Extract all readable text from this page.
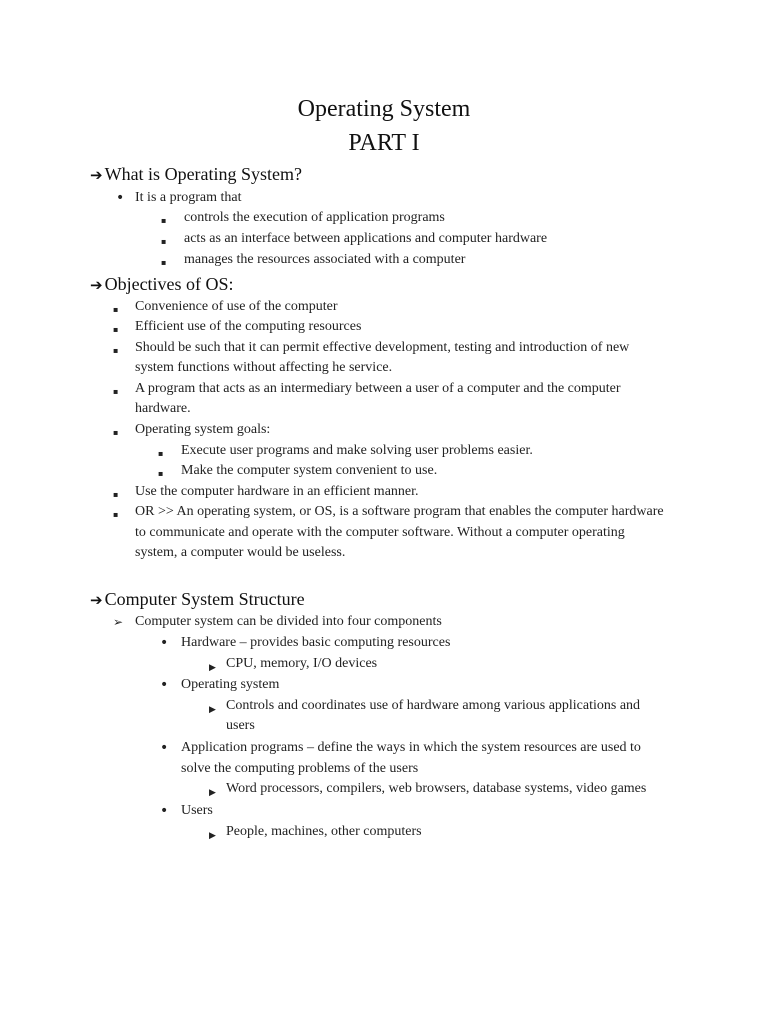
Operating System
PART I
➔ What is Operating System?
• It is a program that
▪ controls the execution of application programs
▪ acts as an interface between applications and computer hardware
▪ manages the resources associated with a computer
➔ Objectives of OS:
▪ Convenience of use of the computer
▪ Efficient use of the computing resources
▪ Should be such that it can permit effective development, testing and introduction of new
system functions without affecting he service.
▪ A program that acts as an intermediary between a user of a computer and the computer
hardware.
▪ Operating system goals:
▪ Execute user programs and make solving user problems easier.
▪ Make the computer system convenient to use.
▪ Use the computer hardware in an efficient manner.
▪ OR >> An operating system, or OS, is a software program that enables the computer hardware
to communicate and operate with the computer software. Without a computer operating
system, a computer would be useless.
➔ Computer System Structure
➢ Computer system can be divided into four components
• Hardware – provides basic computing resources
▶ CPU, memory, I/O devices
• Operating system
▶ Controls and coordinates use of hardware among various applications and
users
• Application programs – define the ways in which the system resources are used to
solve the computing problems of the users
▶ Word processors, compilers, web browsers, database systems, video games
• Users
▶ People, machines, other computers
